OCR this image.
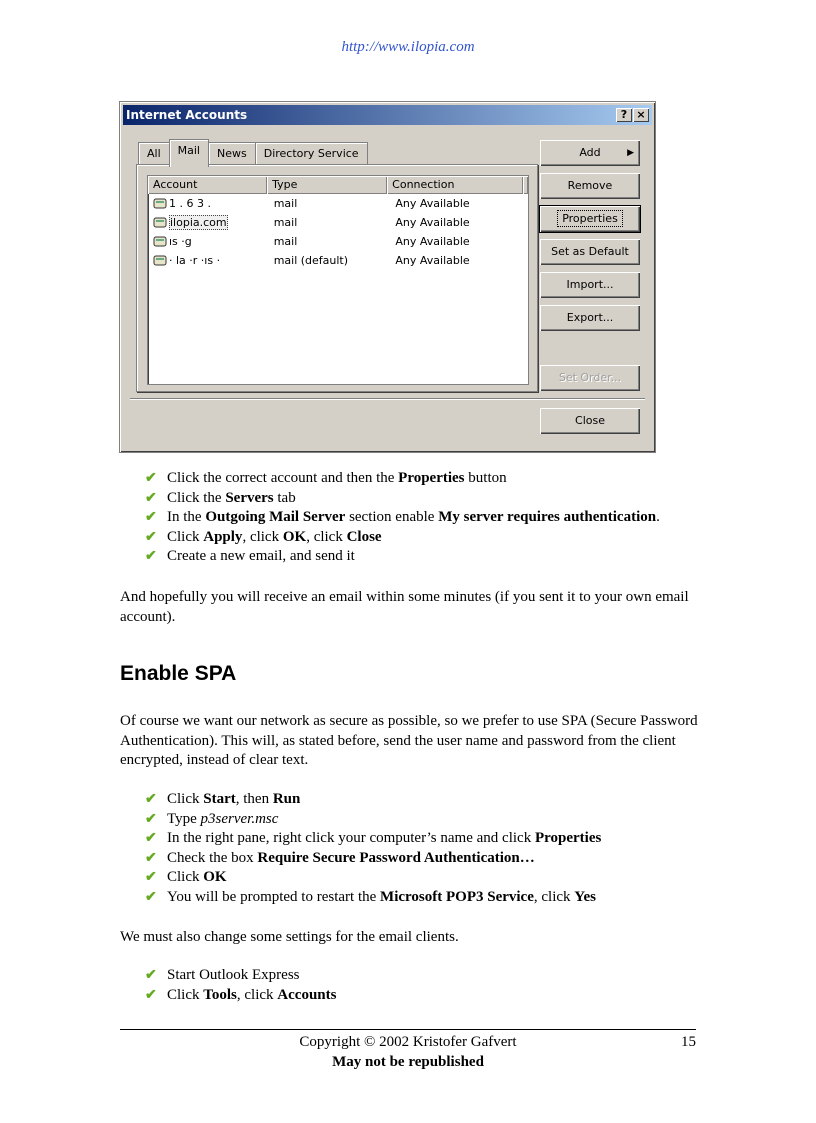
http://www.ilopia.com
Internet Accounts	? ×
All	Mail	News	Directory Service
Account	Type	Connection
1 . 6 3 .	mail	Any Available
ilopia.com	mail	Any Available
ıs ·g	mail	Any Available
‧ la ‧r ·ıs ·	mail (default)	Any Available
Add	▶
Remove
Properties
Set as Default
Import...
Export...
Set Order...
Close
✔ Click the correct account and then the Properties button
✔ Click the Servers tab
✔ In the Outgoing Mail Server section enable My server requires authentication.
✔ Click Apply, click OK, click Close
✔ Create a new email, and send it

And hopefully you will receive an email within some minutes (if you sent it to your own email account).

Enable SPA

Of course we want our network as secure as possible, so we prefer to use SPA (Secure Password Authentication). This will, as stated before, send the user name and password from the client encrypted, instead of clear text.

✔ Click Start, then Run
✔ Type p3server.msc
✔ In the right pane, right click your computer’s name and click Properties
✔ Check the box Require Secure Password Authentication…
✔ Click OK
✔ You will be prompted to restart the Microsoft POP3 Service, click Yes

We must also change some settings for the email clients.

✔ Start Outlook Express
✔ Click Tools, click Accounts
Copyright © 2002 Kristofer Gafvert	15
May not be republished
